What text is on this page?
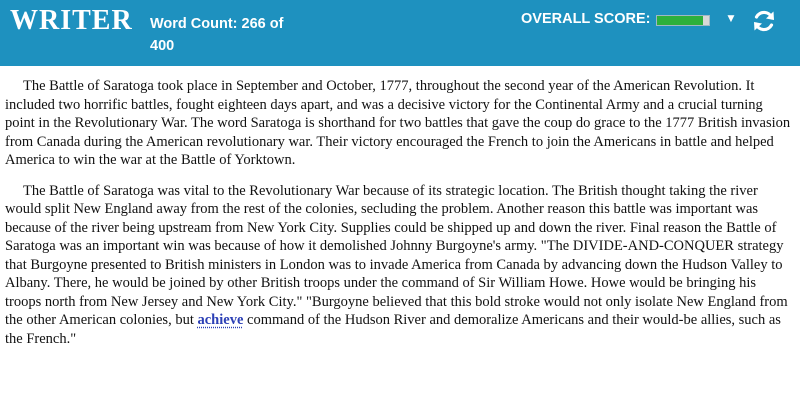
WRITER Word Count: 266 of 400
OVERALL SCORE:	▼

The Battle of Saratoga took place in September and October, 1777, throughout the second year of the American Revolution. It included two horrific battles, fought eighteen days apart, and was a decisive victory for the Continental Army and a crucial turning point in the Revolutionary War. The word Saratoga is shorthand for two battles that gave the coup do grace to the 1777 British invasion from Canada during the American revolutionary war. Their victory encouraged the French to join the Americans in battle and helped America to win the war at the Battle of Yorktown.

The Battle of Saratoga was vital to the Revolutionary War because of its strategic location. The British thought taking the river would split New England away from the rest of the colonies, secluding the problem. Another reason this battle was important was because of the river being upstream from New York City. Supplies could be shipped up and down the river. Final reason the Battle of Saratoga was an important win was because of how it demolished Johnny Burgoyne's army. "The DIVIDE-AND-CONQUER strategy that Burgoyne presented to British ministers in London was to invade America from Canada by advancing down the Hudson Valley to Albany. There, he would be joined by other British troops under the command of Sir William Howe. Howe would be bringing his troops north from New Jersey and New York City." "Burgoyne believed that this bold stroke would not only isolate New England from the other American colonies, but achieve command of the Hudson River and demoralize Americans and their would-be allies, such as the French."
